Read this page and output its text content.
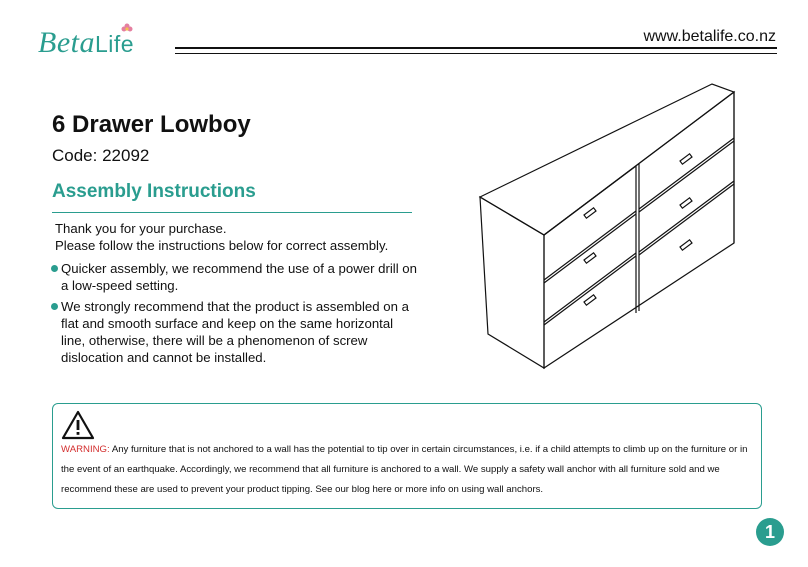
BetaLife	www.betalife.co.nz
6 Drawer Lowboy
Code: 22092
Assembly Instructions
Thank you for your purchase.
Please follow the instructions below for correct assembly.
Quicker assembly, we recommend the use of a power drill on a low-speed setting.
We strongly recommend that the product is assembled on a flat and smooth surface and keep on the same horizontal line, otherwise, there will be a phenomenon of screw dislocation and cannot be installed.
WARNING: Any furniture that is not anchored to a wall has the potential to tip over in certain circumstances, i.e. if a child attempts to climb up on the furniture or in the event of an earthquake. Accordingly, we recommend that all furniture is anchored to a wall. We supply a safety wall anchor with all furniture sold and we recommend these are used to prevent your product tipping. See our blog here or more info on using wall anchors.
1
